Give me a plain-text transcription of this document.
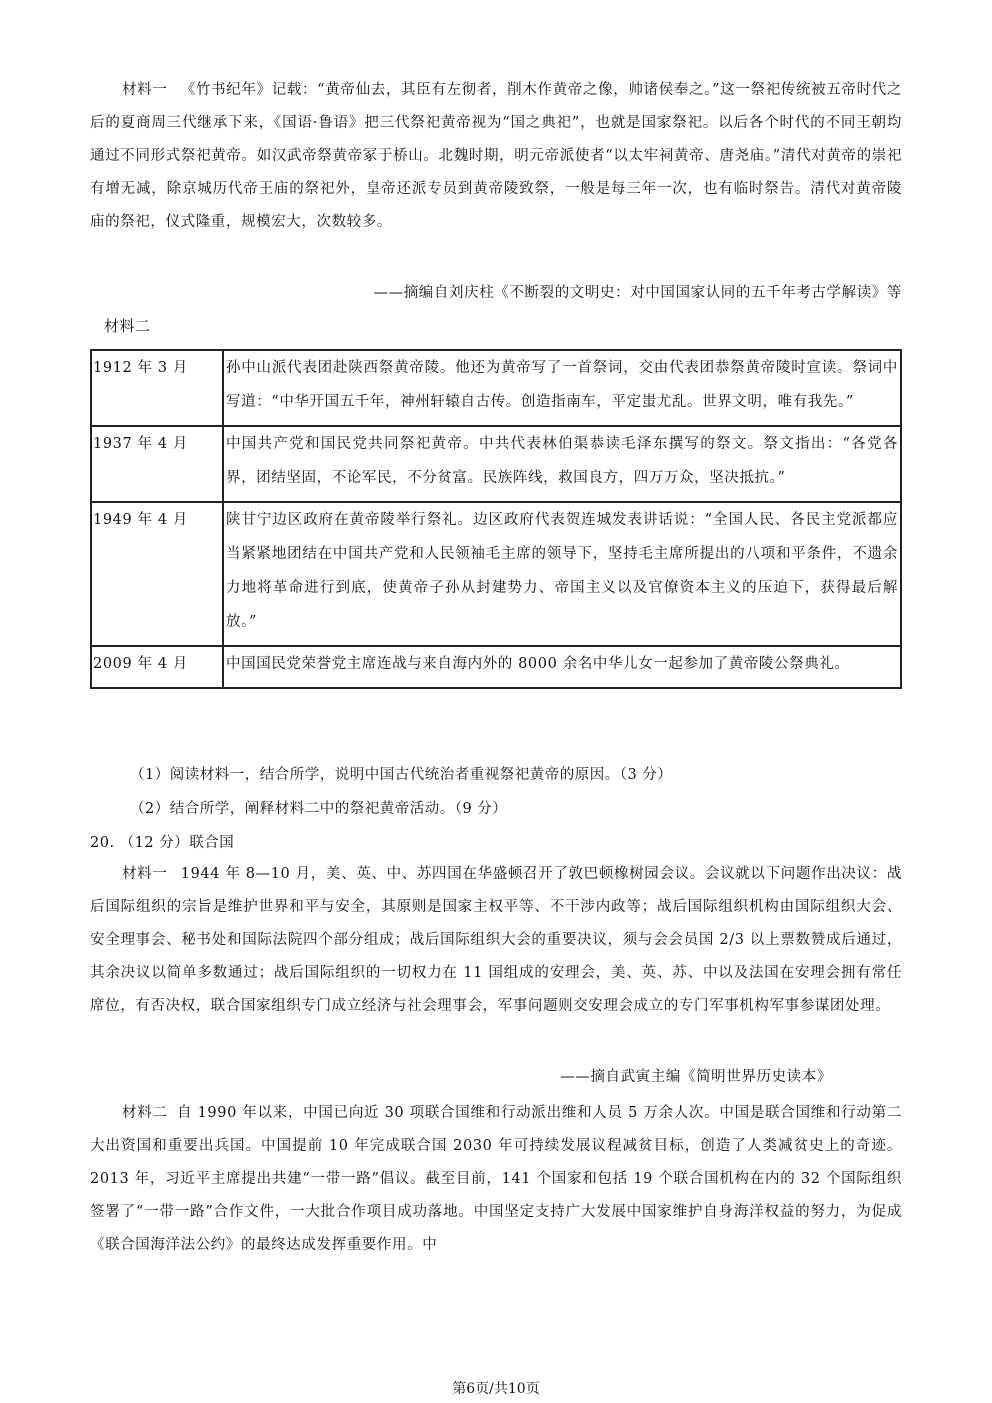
材料一 《竹书纪年》记载：“黄帝仙去，其臣有左彻者，削木作黄帝之像，帅诸侯奉之。”这一祭祀传统被五帝时代之后的夏商周三代继承下来，《国语·鲁语》把三代祭祀黄帝视为“国之典祀”，也就是国家祭祀。以后各个时代的不同王朝均通过不同形式祭祀黄帝。如汉武帝祭黄帝冢于桥山。北魏时期，明元帝派使者“以太牢祠黄帝、唐尧庙。”清代对黄帝的崇祀有增无减，除京城历代帝王庙的祭祀外，皇帝还派专员到黄帝陵致祭，一般是每三年一次，也有临时祭告。清代对黄帝陵庙的祭祀，仪式隆重，规模宏大，次数较多。
——摘编自刘庆柱《不断裂的文明史：对中国国家认同的五千年考古学解读》等
材料二
1912 年 3 月	孙中山派代表团赴陕西祭黄帝陵。他还为黄帝写了一首祭词，交由代表团恭祭黄帝陵时宣读。祭词中写道：“中华开国五千年，神州轩辕自古传。创造指南车，平定蚩尤乱。世界文明，唯有我先。”
1937 年 4 月	中国共产党和国民党共同祭祀黄帝。中共代表林伯渠恭读毛泽东撰写的祭文。祭文指出：“各党各界，团结坚固，不论军民，不分贫富。民族阵线，救国良方，四万万众，坚决抵抗。”
1949 年 4 月	陕甘宁边区政府在黄帝陵举行祭礼。边区政府代表贺连城发表讲话说：“全国人民、各民主党派都应当紧紧地团结在中国共产党和人民领袖毛主席的领导下，坚持毛主席所提出的八项和平条件，不遗余力地将革命进行到底，使黄帝子孙从封建势力、帝国主义以及官僚资本主义的压迫下，获得最后解放。”
2009 年 4 月	中国国民党荣誉党主席连战与来自海内外的 8000 余名中华儿女一起参加了黄帝陵公祭典礼。
（1）阅读材料一，结合所学，说明中国古代统治者重视祭祀黄帝的原因。（3 分）
（2）结合所学，阐释材料二中的祭祀黄帝活动。（9 分）
20. （12 分）联合国
材料一 1944 年 8—10 月，美、英、中、苏四国在华盛顿召开了敦巴顿橡树园会议。会议就以下问题作出决议：战后国际组织的宗旨是维护世界和平与安全，其原则是国家主权平等、不干涉内政等；战后国际组织机构由国际组织大会、安全理事会、秘书处和国际法院四个部分组成；战后国际组织大会的重要决议，须与会会员国 2/3 以上票数赞成后通过，其余决议以简单多数通过；战后国际组织的一切权力在 11 国组成的安理会，美、英、苏、中以及法国在安理会拥有常任席位，有否决权，联合国家组织专门成立经济与社会理事会，军事问题则交安理会成立的专门军事机构军事参谋团处理。
——摘自武寅主编《简明世界历史读本》
材料二 自 1990 年以来，中国已向近 30 项联合国维和行动派出维和人员 5 万余人次。中国是联合国维和行动第二大出资国和重要出兵国。中国提前 10 年完成联合国 2030 年可持续发展议程减贫目标，创造了人类减贫史上的奇迹。2013 年，习近平主席提出共建“一带一路”倡议。截至目前，141 个国家和包括 19 个联合国机构在内的 32 个国际组织签署了“一带一路”合作文件，一大批合作项目成功落地。中国坚定支持广大发展中国家维护自身海洋权益的努力，为促成《联合国海洋法公约》的最终达成发挥重要作用。中
第6页/共10页
